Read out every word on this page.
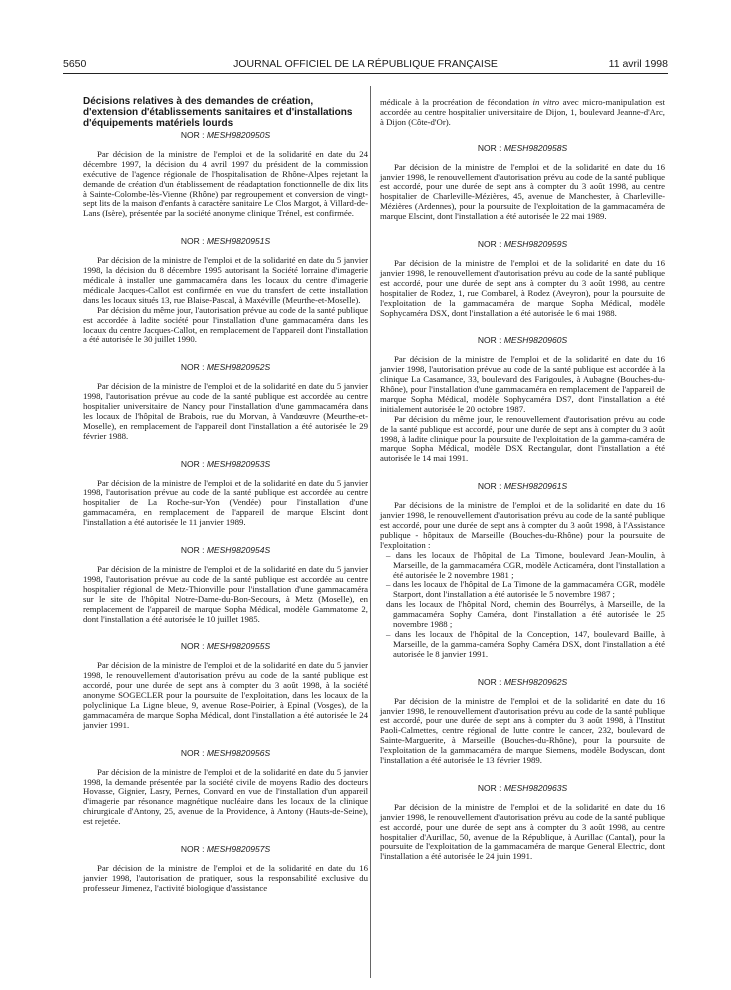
5650	JOURNAL OFFICIEL DE LA RÉPUBLIQUE FRANÇAISE	11 avril 1998
Décisions relatives à des demandes de création, d'extension d'établissements sanitaires et d'installations d'équipements matériels lourds
NOR : MESH9820950S

Par décision de la ministre de l'emploi et de la solidarité en date du 24 décembre 1997, la décision du 4 avril 1997 du président de la commission exécutive de l'agence régionale de l'hospitalisation de Rhône-Alpes rejetant la demande de création d'un établissement de réadaptation fonctionnelle de dix lits à Sainte-Colombe-lès-Vienne (Rhône) par regroupement et conversion de vingt-sept lits de la maison d'enfants à caractère sanitaire Le Clos Margot, à Villard-de-Lans (Isère), présentée par la société anonyme clinique Trénel, est confirmée.

NOR : MESH9820951S

Par décision de la ministre de l'emploi et de la solidarité en date du 5 janvier 1998, la décision du 8 décembre 1995 autorisant la Société lorraine d'imagerie médicale à installer une gammacaméra dans les locaux du centre d'imagerie médicale Jacques-Callot est confirmée en vue du transfert de cette installation dans les locaux situés 13, rue Blaise-Pascal, à Maxéville (Meurthe-et-Moselle).

Par décision du même jour, l'autorisation prévue au code de la santé publique est accordée à ladite société pour l'installation d'une gammacaméra dans les locaux du centre Jacques-Callot, en remplacement de l'appareil dont l'installation a été autorisée le 30 juillet 1990.

NOR : MESH9820952S

Par décision de la ministre de l'emploi et de la solidarité en date du 5 janvier 1998, l'autorisation prévue au code de la santé publique est accordée au centre hospitalier universitaire de Nancy pour l'installation d'une gammacaméra dans les locaux de l'hôpital de Brabois, rue du Morvan, à Vandœuvre (Meurthe-et-Moselle), en remplacement de l'appareil dont l'installation a été autorisée le 29 février 1988.

NOR : MESH9820953S

Par décision de la ministre de l'emploi et de la solidarité en date du 5 janvier 1998, l'autorisation prévue au code de la santé publique est accordée au centre hospitalier de La Roche-sur-Yon (Vendée) pour l'installation d'une gammacaméra, en remplacement de l'appareil de marque Elscint dont l'installation a été autorisée le 11 janvier 1989.

NOR : MESH9820954S

Par décision de la ministre de l'emploi et de la solidarité en date du 5 janvier 1998, l'autorisation prévue au code de la santé publique est accordée au centre hospitalier régional de Metz-Thionville pour l'installation d'une gammacaméra sur le site de l'hôpital Notre-Dame-du-Bon-Secours, à Metz (Moselle), en remplacement de l'appareil de marque Sopha Médical, modèle Gammatome 2, dont l'installation a été autorisée le 10 juillet 1985.

NOR : MESH9820955S

Par décision de la ministre de l'emploi et de la solidarité en date du 5 janvier 1998, le renouvellement d'autorisation prévu au code de la santé publique est accordé, pour une durée de sept ans à compter du 3 août 1998, à la société anonyme SOGECLER pour la poursuite de l'exploitation, dans les locaux de la polyclinique La Ligne bleue, 9, avenue Rose-Poirier, à Epinal (Vosges), de la gammacaméra de marque Sopha Médical, dont l'installation a été autorisée le 24 janvier 1991.

NOR : MESH9820956S

Par décision de la ministre de l'emploi et de la solidarité en date du 5 janvier 1998, la demande présentée par la société civile de moyens Radio des docteurs Hovasse, Gignier, Lasry, Pernes, Convard en vue de l'installation d'un appareil d'imagerie par résonance magnétique nucléaire dans les locaux de la clinique chirurgicale d'Antony, 25, avenue de la Providence, à Antony (Hauts-de-Seine), est rejetée.

NOR : MESH9820957S

Par décision de la ministre de l'emploi et de la solidarité en date du 16 janvier 1998, l'autorisation de pratiquer, sous la responsabilité exclusive du professeur Jimenez, l'activité biologique d'assistance

médicale à la procréation de fécondation in vitro avec micro-manipulation est accordée au centre hospitalier universitaire de Dijon, 1, boulevard Jeanne-d'Arc, à Dijon (Côte-d'Or).
NOR : MESH9820958S

Par décision de la ministre de l'emploi et de la solidarité en date du 16 janvier 1998, le renouvellement d'autorisation prévu au code de la santé publique est accordé, pour une durée de sept ans à compter du 3 août 1998, au centre hospitalier de Charleville-Mézières, 45, avenue de Manchester, à Charleville-Mézières (Ardennes), pour la poursuite de l'exploitation de la gammacaméra de marque Elscint, dont l'installation a été autorisée le 22 mai 1989.

NOR : MESH9820959S

Par décision de la ministre de l'emploi et de la solidarité en date du 16 janvier 1998, le renouvellement d'autorisation prévu au code de la santé publique est accordé, pour une durée de sept ans à compter du 3 août 1998, au centre hospitalier de Rodez, 1, rue Combarel, à Rodez (Aveyron), pour la poursuite de l'exploitation de la gammacaméra de marque Sopha Médical, modèle Sophycaméra DSX, dont l'installation a été autorisée le 6 mai 1988.

NOR : MESH9820960S

Par décision de la ministre de l'emploi et de la solidarité en date du 16 janvier 1998, l'autorisation prévue au code de la santé publique est accordée à la clinique La Casamance, 33, boulevard des Farigoules, à Aubagne (Bouches-du-Rhône), pour l'installation d'une gammacaméra en remplacement de l'appareil de marque Sopha Médical, modèle Sophycaméra DS7, dont l'installation a été initialement autorisée le 20 octobre 1987.

Par décision du même jour, le renouvellement d'autorisation prévu au code de la santé publique est accordé, pour une durée de sept ans à compter du 3 août 1998, à ladite clinique pour la poursuite de l'exploitation de la gamma-caméra de marque Sopha Médical, modèle DSX Rectangular, dont l'installation a été autorisée le 14 mai 1991.

NOR : MESH9820961S

Par décisions de la ministre de l'emploi et de la solidarité en date du 16 janvier 1998, le renouvellement d'autorisation prévu au code de la santé publique est accordé, pour une durée de sept ans à compter du 3 août 1998, à l'Assistance publique - hôpitaux de Marseille (Bouches-du-Rhône) pour la poursuite de l'exploitation :

– dans les locaux de l'hôpital de La Timone, boulevard Jean-Moulin, à Marseille, de la gammacaméra CGR, modèle Acticaméra, dont l'installation a été autorisée le 2 novembre 1981 ;
– dans les locaux de l'hôpital de La Timone de la gammacaméra CGR, modèle Starport, dont l'installation a été autorisée le 5 novembre 1987 ;
dans les locaux de l'hôpital Nord, chemin des Bourrélys, à Marseille, de la gammacaméra Sophy Caméra, dont l'installation a été autorisée le 25 novembre 1988 ;
– dans les locaux de l'hôpital de la Conception, 147, boulevard Baille, à Marseille, de la gamma-caméra Sophy Caméra DSX, dont l'installation a été autorisée le 8 janvier 1991.
NOR : MESH9820962S

Par décision de la ministre de l'emploi et de la solidarité en date du 16 janvier 1998, le renouvellement d'autorisation prévu au code de la santé publique est accordé, pour une durée de sept ans à compter du 3 août 1998, à l'Institut Paoli-Calmettes, centre régional de lutte contre le cancer, 232, boulevard de Sainte-Marguerite, à Marseille (Bouches-du-Rhône), pour la poursuite de l'exploitation de la gammacaméra de marque Siemens, modèle Bodyscan, dont l'installation a été autorisée le 13 février 1989.

NOR : MESH9820963S

Par décision de la ministre de l'emploi et de la solidarité en date du 16 janvier 1998, le renouvellement d'autorisation prévu au code de la santé publique est accordé, pour une durée de sept ans à compter du 3 août 1998, au centre hospitalier d'Aurillac, 50, avenue de la République, à Aurillac (Cantal), pour la poursuite de l'exploitation de la gammacaméra de marque General Electric, dont l'installation a été autorisée le 24 juin 1991.
